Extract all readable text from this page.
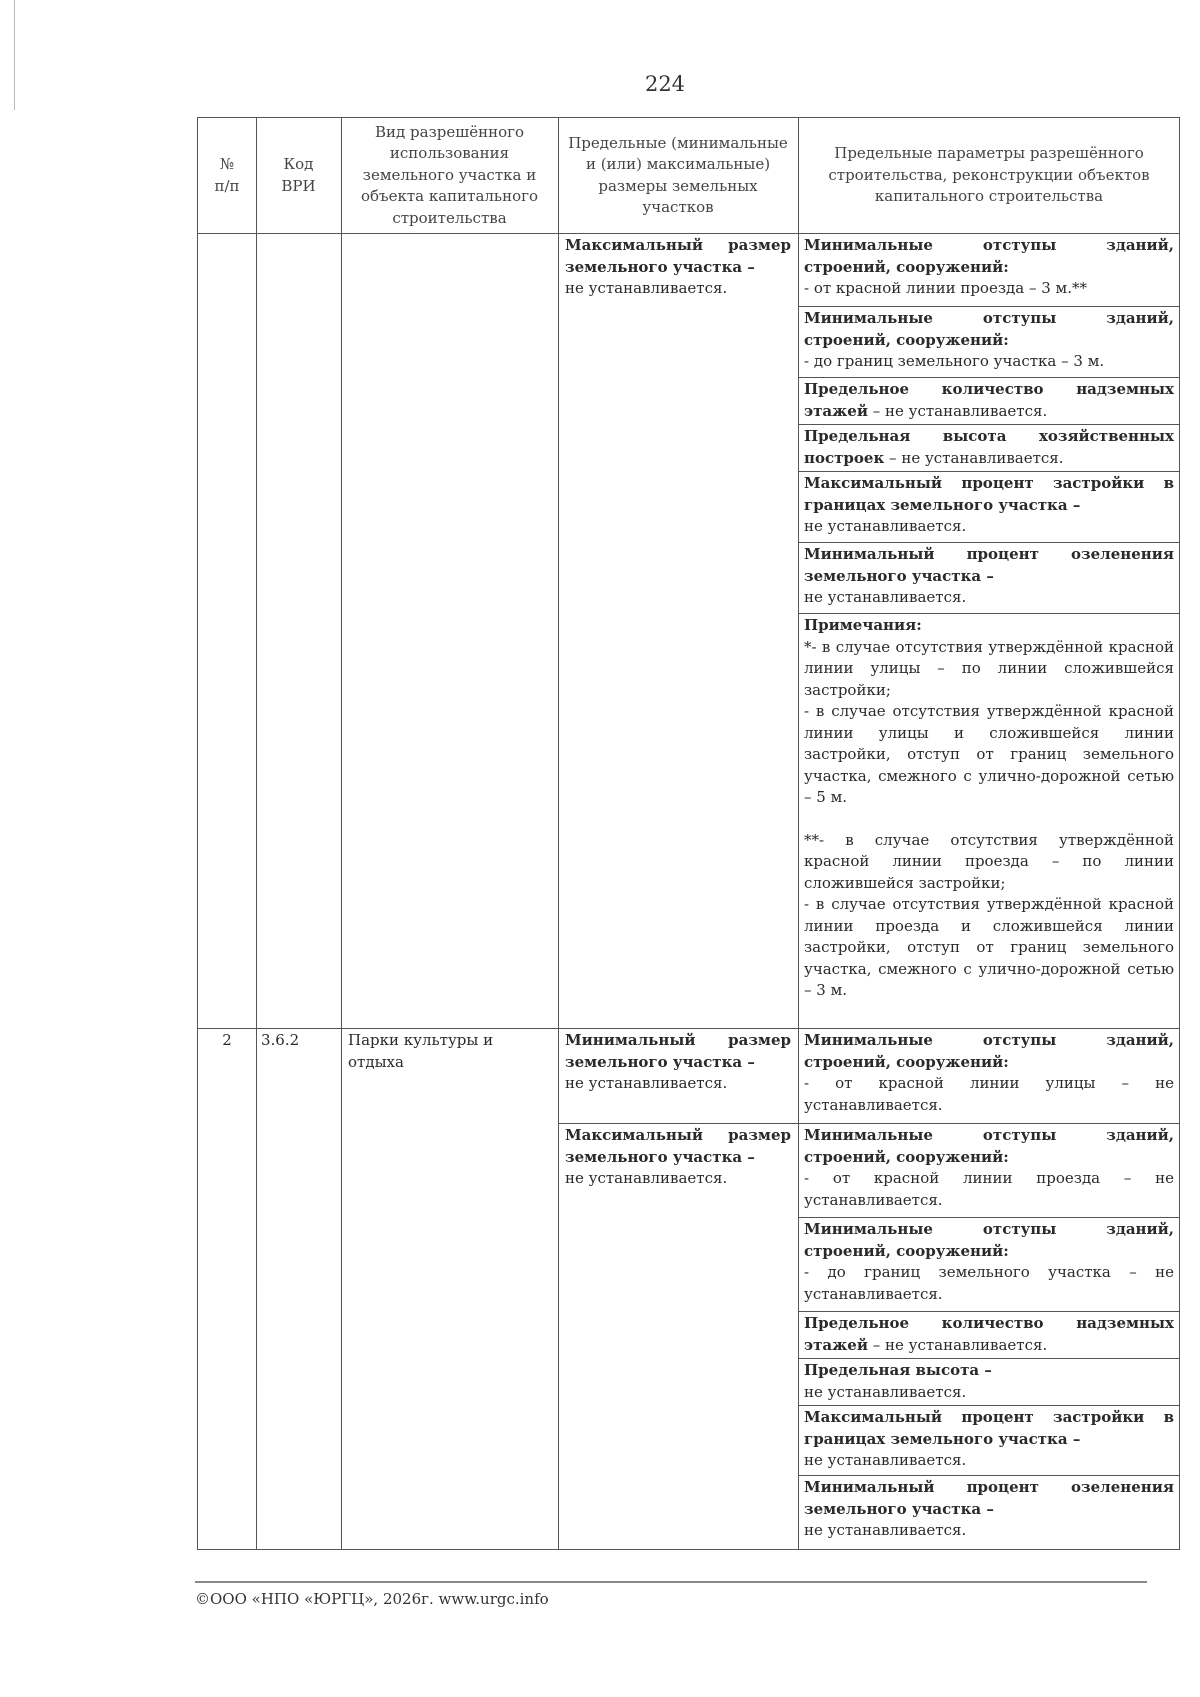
224
№
п/п
Код
ВРИ
Вид разрешённого использования земельного участка и объекта капитального строительства
Предельные (минимальные и (или) максимальные) размеры земельных участков
Предельные параметры разрешённого строительства, реконструкции объектов капитального строительства
Максимальный размер земельного участка –
не устанавливается.
Минимальные отступы зданий, строений, сооружений:
- от красной линии проезда – 3 м.**
Минимальные отступы зданий, строений, сооружений:
- до границ земельного участка – 3 м.
Предельное количество надземных этажей – не устанавливается.
Предельная высота хозяйственных построек – не устанавливается.
Максимальный процент застройки в границах земельного участка –
не устанавливается.
Минимальный процент озеленения земельного участка –
не устанавливается.
Примечания:
*- в случае отсутствия утверждённой красной линии улицы – по линии сложившейся застройки;
- в случае отсутствия утверждённой красной линии улицы и сложившейся линии застройки, отступ от границ земельного участка, смежного с улично-дорожной сетью – 5 м.
**- в случае отсутствия утверждённой красной линии проезда – по линии сложившейся застройки;
- в случае отсутствия утверждённой красной линии проезда и сложившейся линии застройки, отступ от границ земельного участка, смежного с улично-дорожной сетью – 3 м.
2	3.6.2	Парки культуры и отдыха
Минимальный размер земельного участка –
не устанавливается.
Максимальный размер земельного участка –
не устанавливается.
Минимальные отступы зданий, строений, сооружений:
- от красной линии улицы – не устанавливается.
Минимальные отступы зданий, строений, сооружений:
- от красной линии проезда – не устанавливается.
Минимальные отступы зданий, строений, сооружений:
- до границ земельного участка – не устанавливается.
Предельное количество надземных этажей – не устанавливается.
Предельная высота –
не устанавливается.
Максимальный процент застройки в границах земельного участка –
не устанавливается.
Минимальный процент озеленения земельного участка –
не устанавливается.
©ООО «НПО «ЮРГЦ», 2026г. www.urgc.info
